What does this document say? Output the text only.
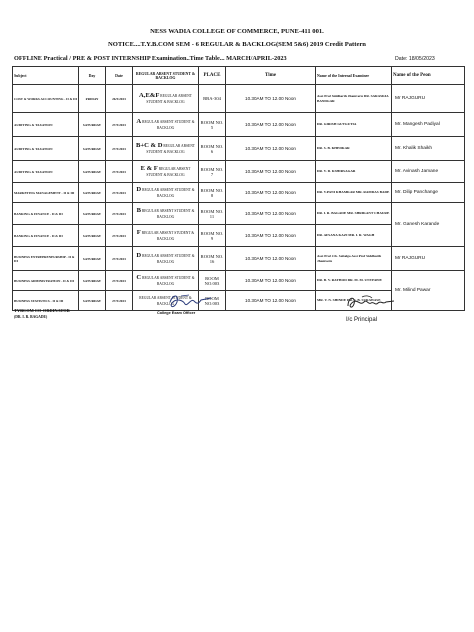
NESS WADIA COLLEGE OF COMMERCE, PUNE-411 001.
NOTICE....T.Y.B.COM SEM - 6 REGULAR & BACKLOG(SEM 5&6) 2019 Credit Pattern
OFFLINE Practical / PRE & POST INTERNSHIP Examination..Time Table... MARCH/APRIL-2023	Date: 18/05/2023
Subject	Day	Date	REGULAR ABSENT STUDENT & BACKLOG	PLACE	Time	Name of the Internal Examiner	Name of the Peon
COST & WORKS ACCOUNTING - II & III	FRIDAY	26/5/2023	A,E&F REGULAR ABSENT STUDENT & BACKLOG	BBA-304	10.30AM TO 12.00 Noon	Asst Prof Siddharth Jhamveru DR. SARASKIA BANDGAR	Mr RAJGURU
AUDITING & TAXATION	SATURDAY	27/5/2023	A REGULAR ABSENT STUDENT & BACKLOG	ROOM NO. 5	10.30AM TO 12.00 Noon	DR. GIRISH GUTGUTIA	Mr. Mangesh Padiyal
AUDITING & TAXATION	SATURDAY	27/5/2023	B+C & D REGULAR ABSENT STUDENT & BACKLOG	ROOM NO. 6	10.30AM TO 12.00 Noon	DR. S. B. KHEDKAR	Mr. Khalik Shaikh
AUDITING & TAXATION	SATURDAY	27/5/2023	E & F REGULAR ABSENT STUDENT & BACKLOG	ROOM NO. 7	10.30AM TO 12.00 Noon	DR. V. D. KSHIRSAGAR	Mr. Avinash Jamane
MARKETING MANAGEMENT - II & III	SATURDAY	27/5/2023	D REGULAR ABSENT STUDENT & BACKLOG	ROOM NO. 8	10.30AM TO 12.00 Noon	DR. V.PANI KHAMKAR MR. RAMDAS BADE	Mr. Dilip Panchange
BANKING & FINANCE - II & III	SATURDAY	27/5/2023	B REGULAR ABSENT STUDENT & BACKLOG	ROOM NO. 11	10.30AM TO 12.00 Noon	DR. I. R. BAGADE MR. SHRIKANT CHAURE	Mr. Ganesh Karande
BANKING & FINANCE - II & III	SATURDAY	27/5/2023	F REGULAR ABSENT STUDENT & BACKLOG	ROOM NO. 9	10.30AM TO 12.00 Noon	DR. AFSANA KAZI MR. I. R. WAGH	
BUSINESS ENTREPRENEURSHIP - II & III	SATURDAY	27/5/2023	D REGULAR ABSENT STUDENT & BACKLOG	ROOM NO. 16	10.30AM TO 12.00 Noon	Asst Prof J.K. Sabalgo Asst Prof Siddharth Jhamveru	Mr RAJGURU
BUSINESS ADMINISTRATION - II & III	SATURDAY	27/5/2023	C REGULAR ABSENT STUDENT & BACKLOG	ROOM NO.003	10.30AM TO 12.00 Noon	DR. B. V. RATHOD DR. M. M. UNVERNE	Mr. Milind Pawar
BUSINESS STATISTICS - II & III	SATURDAY	27/5/2023	REGULAR ABSENT STUDENT & BACKLOG	ROOM NO.003	10.30AM TO 12.00 Noon	MR. V. N. SHINDE DR. S. B. SURAWASE	
TYBCOM CO-ORDINATOR
(DR. I. R. BAGADE)
College Exam Officer
I/c Principal
